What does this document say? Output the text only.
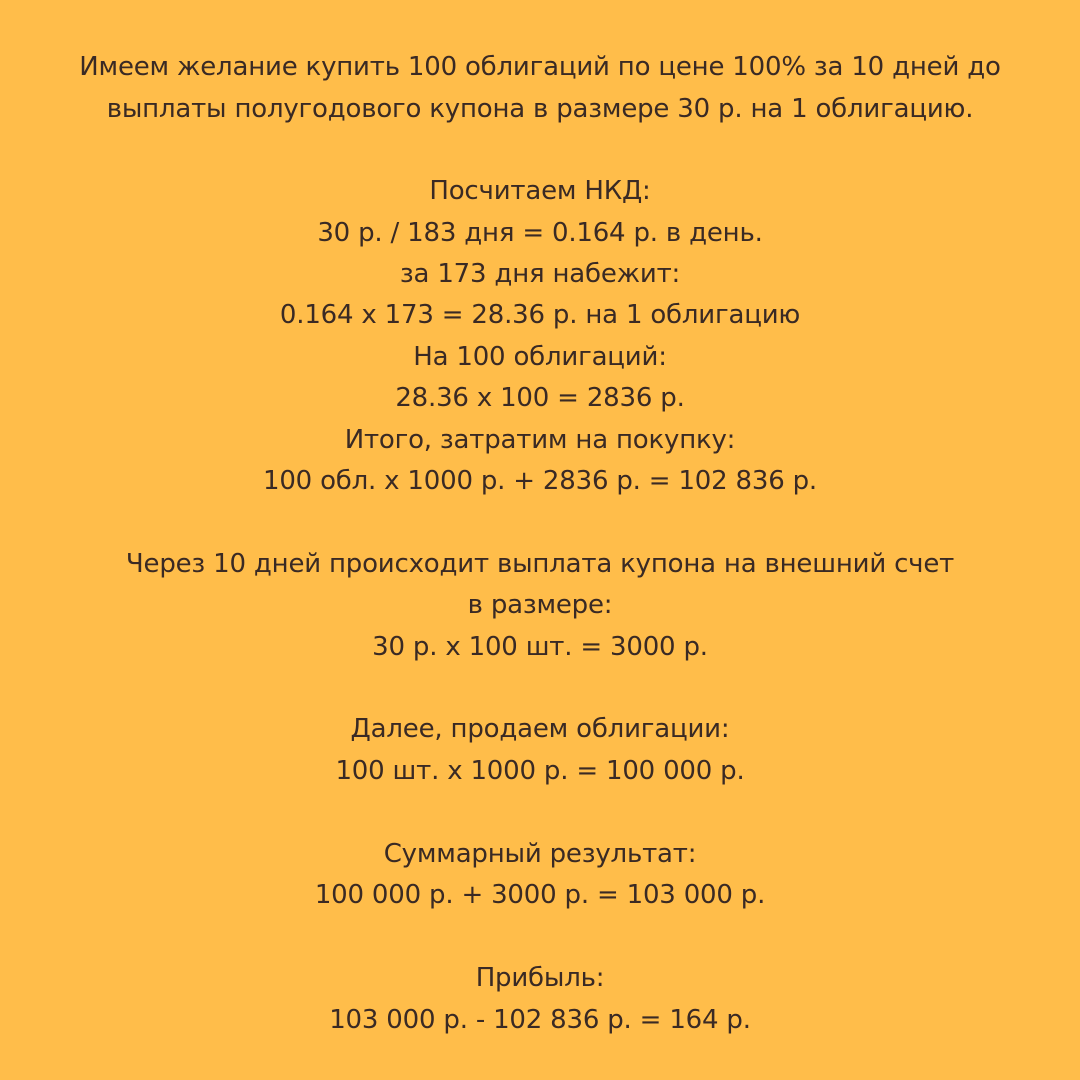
Имеем желание купить 100 облигаций по цене 100% за 10 дней до

выплаты полугодового купона в размере 30 р. на 1 облигацию.

Посчитаем НКД:

30 р. / 183 дня = 0.164 р. в день.

за 173 дня набежит:

0.164 х 173 = 28.36 р. на 1 облигацию

На 100 облигаций:

28.36 х 100 = 2836 р.

Итого, затратим на покупку:

100 обл. х 1000 р. + 2836 р. = 102 836 р.

Через 10 дней происходит выплата купона на внешний счет

в размере:

30 р. х 100 шт. = 3000 р.

Далее, продаем облигации:

100 шт. х 1000 р. = 100 000 р.

Суммарный результат:

100 000 р. + 3000 р. = 103 000 р.

Прибыль:

103 000 р. - 102 836 р. = 164 р.
